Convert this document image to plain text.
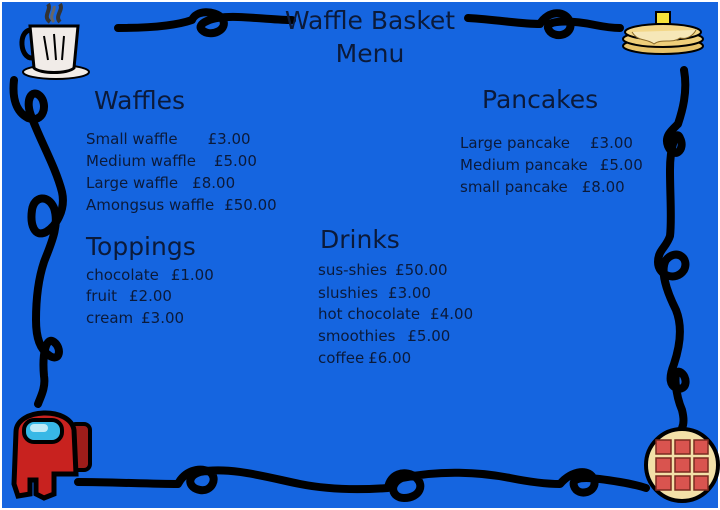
Waffle Basket
Menu
Waffles
Small waffle £3.00
Medium waffle £5.00
Large waffle £8.00
Amongsus waffle £50.00
Pancakes
Large pancake £3.00
Medium pancake £5.00
small pancake £8.00
Toppings
chocolate £1.00
fruit £2.00
cream £3.00
Drinks
sus-shies £50.00
slushies £3.00
hot chocolate £4.00
smoothies £5.00
coffee £6.00
